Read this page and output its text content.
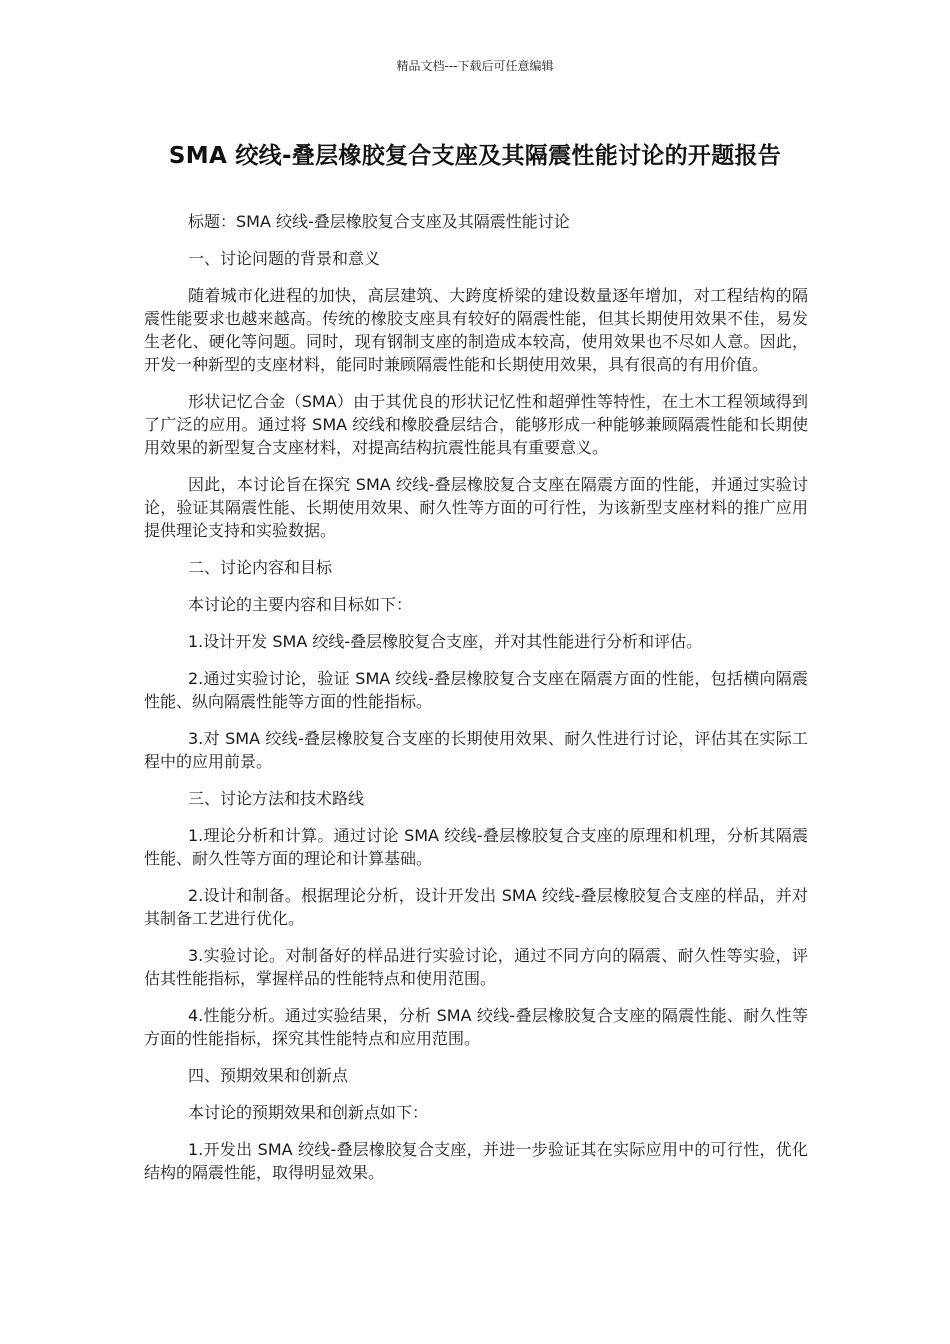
精品文档---下载后可任意编辑
SMA 绞线-叠层橡胶复合支座及其隔震性能讨论的开题报告

标题：SMA 绞线-叠层橡胶复合支座及其隔震性能讨论

一、讨论问题的背景和意义

随着城市化进程的加快，高层建筑、大跨度桥梁的建设数量逐年增加，对工程结构的隔震性能要求也越来越高。传统的橡胶支座具有较好的隔震性能，但其长期使用效果不佳，易发生老化、硬化等问题。同时，现有钢制支座的制造成本较高，使用效果也不尽如人意。因此，开发一种新型的支座材料，能同时兼顾隔震性能和长期使用效果，具有很高的有用价值。

形状记忆合金（SMA）由于其优良的形状记忆性和超弹性等特性，在土木工程领域得到了广泛的应用。通过将 SMA 绞线和橡胶叠层结合，能够形成一种能够兼顾隔震性能和长期使用效果的新型复合支座材料，对提高结构抗震性能具有重要意义。

因此，本讨论旨在探究 SMA 绞线-叠层橡胶复合支座在隔震方面的性能，并通过实验讨论，验证其隔震性能、长期使用效果、耐久性等方面的可行性，为该新型支座材料的推广应用提供理论支持和实验数据。

二、讨论内容和目标

本讨论的主要内容和目标如下：

1.设计开发 SMA 绞线-叠层橡胶复合支座，并对其性能进行分析和评估。

2.通过实验讨论，验证 SMA 绞线-叠层橡胶复合支座在隔震方面的性能，包括横向隔震性能、纵向隔震性能等方面的性能指标。

3.对 SMA 绞线-叠层橡胶复合支座的长期使用效果、耐久性进行讨论，评估其在实际工程中的应用前景。

三、讨论方法和技术路线

1.理论分析和计算。通过讨论 SMA 绞线-叠层橡胶复合支座的原理和机理，分析其隔震性能、耐久性等方面的理论和计算基础。

2.设计和制备。根据理论分析，设计开发出 SMA 绞线-叠层橡胶复合支座的样品，并对其制备工艺进行优化。

3.实验讨论。对制备好的样品进行实验讨论，通过不同方向的隔震、耐久性等实验，评估其性能指标，掌握样品的性能特点和使用范围。

4.性能分析。通过实验结果，分析 SMA 绞线-叠层橡胶复合支座的隔震性能、耐久性等方面的性能指标，探究其性能特点和应用范围。

四、预期效果和创新点

本讨论的预期效果和创新点如下：

1.开发出 SMA 绞线-叠层橡胶复合支座，并进一步验证其在实际应用中的可行性，优化结构的隔震性能，取得明显效果。
